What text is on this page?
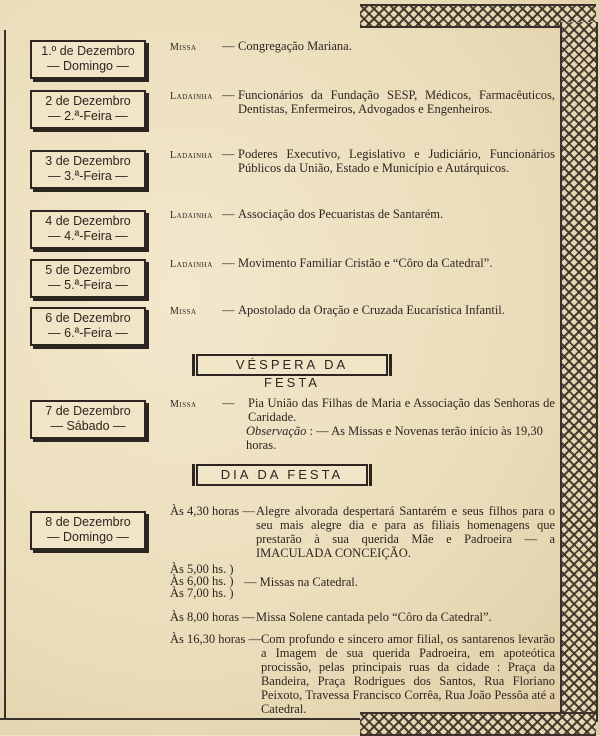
1.º de Dezembro
— Domingo —
Missa — Congregação Mariana.
2 de Dezembro
— 2.ª-Feira —
Ladainha — Funcionários da Fundação SESP, Médicos, Farmacêuticos, Dentistas, Enfermeiros, Advogados e Engenheiros.
3 de Dezembro
— 3.ª-Feira —
Ladainha — Poderes Executivo, Legislativo e Judiciário, Funcionários Públicos da União, Estado e Município e Autárquicos.
4 de Dezembro
— 4.ª-Feira —
Ladainha — Associação dos Pecuaristas de Santarém.
5 de Dezembro
— 5.ª-Feira —
Ladainha — Movimento Familiar Cristão e “Côro da Catedral”.
6 de Dezembro
— 6.ª-Feira —
Missa — Apostolado da Oração e Cruzada Eucarística Infantil.
VÉSPERA DA FESTA
7 de Dezembro
— Sábado —
Missa —	Pia União das Filhas de Maria e Associação das Senhoras de Caridade.
Observação : — As Missas e Novenas terão início às 19,30 horas.
DIA DA FESTA
8 de Dezembro
— Domingo —
Às 4,30 horas — Alegre alvorada despertará Santarém e seus filhos para o seu mais alegre dia e para as filiais homenagens que prestarão à sua querida Mãe e Padroeira — a IMACULADA CONCEIÇÃO.
Às 5,00 hs. )
Às 6,00 hs. )
Às 7,00 hs. )
— Missas na Catedral.
Às 8,00 horas — Missa Solene cantada pelo “Côro da Catedral”.
Às 16,30 horas — Com profundo e sincero amor filial, os santarenos levarão a Imagem de sua querida Padroeira, em apoteótica procissão, pelas principais ruas da cidade : Praça da Bandeira, Praça Rodrigues dos Santos, Rua Floriano Peixoto, Travessa Francisco Corrêa, Rua João Pessôa até a Catedral.
